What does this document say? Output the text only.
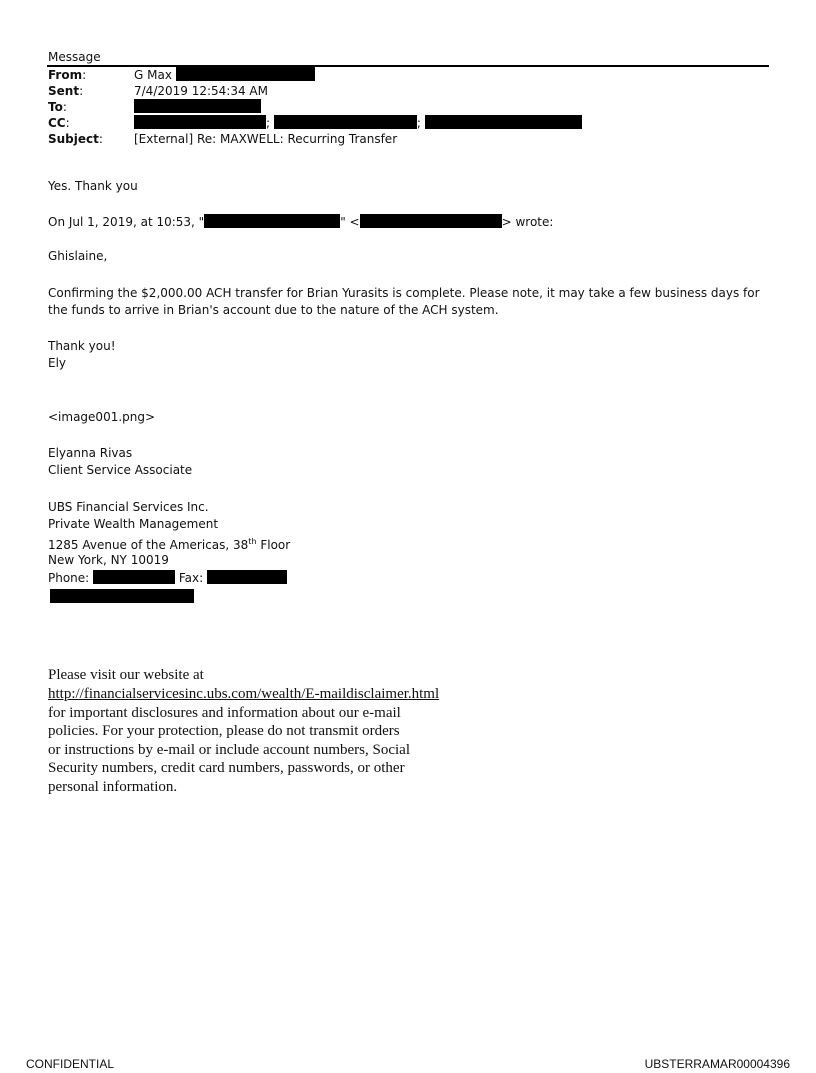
Message
From:	G Max
Sent:	7/4/2019 12:54:34 AM
To:
CC:	;	;
Subject:	[External] Re: MAXWELL: Recurring Transfer
Yes. Thank you
On Jul 1, 2019, at 10:53, "	" <	> wrote:
Ghislaine,
Confirming the $2,000.00 ACH transfer for Brian Yurasits is complete. Please note, it may take a few business days for
the funds to arrive in Brian's account due to the nature of the ACH system.
Thank you!
Ely
<image001.png>
Elyanna Rivas
Client Service Associate
UBS Financial Services Inc.
Private Wealth Management
1285 Avenue of the Americas, 38th Floor
New York, NY 10019
Phone:	Fax:
Please visit our website at
http://financialservicesinc.ubs.com/wealth/E-maildisclaimer.html
for important disclosures and information about our e-mail
policies. For your protection, please do not transmit orders
or instructions by e-mail or include account numbers, Social
Security numbers, credit card numbers, passwords, or other
personal information.
CONFIDENTIAL	UBSTERRAMAR00004396
